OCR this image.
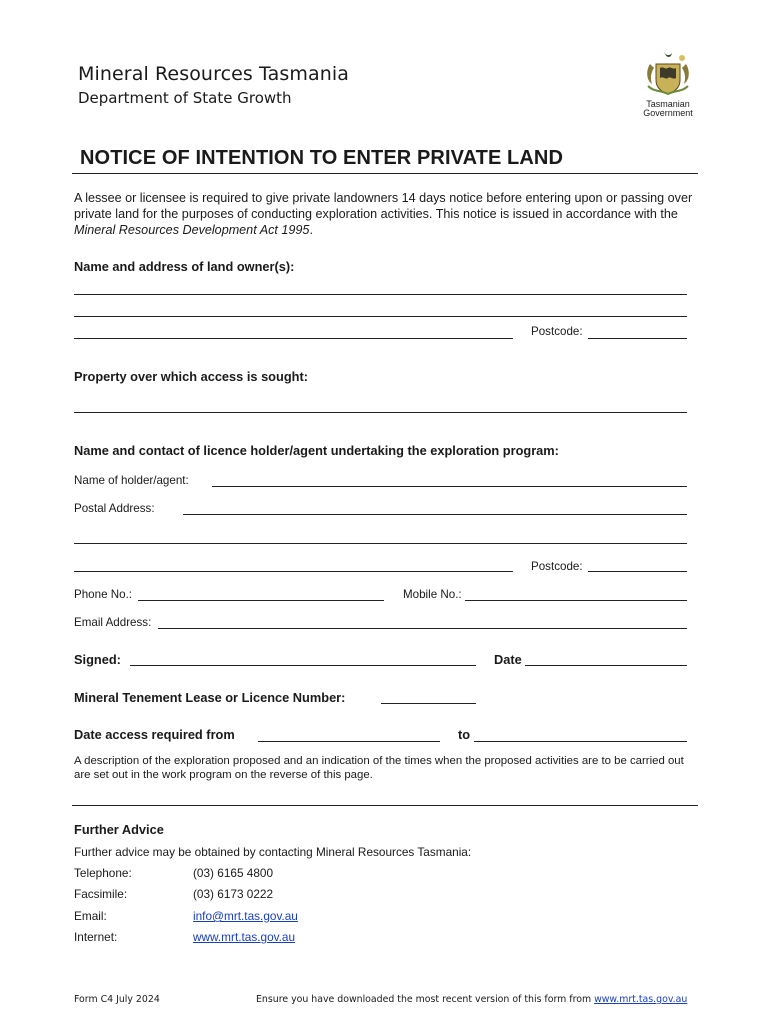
Mineral Resources Tasmania
Department of State Growth	Tasmanian
Government
NOTICE OF INTENTION TO ENTER PRIVATE LAND
A lessee or licensee is required to give private landowners 14 days notice before entering upon or passing over private land for the purposes of conducting exploration activities. This notice is issued in accordance with the Mineral Resources Development Act 1995.
Name and address of land owner(s):
Postcode:
Property over which access is sought:
Name and contact of licence holder/agent undertaking the exploration program:
Name of holder/agent:
Postal Address:
Postcode:
Phone No.:	Mobile No.:
Email Address:
Signed:	Date
Mineral Tenement Lease or Licence Number:
Date access required from	to
A description of the exploration proposed and an indication of the times when the proposed activities are to be carried out are set out in the work program on the reverse of this page.
Further Advice
Further advice may be obtained by contacting Mineral Resources Tasmania:
Telephone:	(03) 6165 4800
Facsimile:	(03) 6173 0222
Email:	info@mrt.tas.gov.au
Internet:	www.mrt.tas.gov.au
Form C4 July 2024	Ensure you have downloaded the most recent version of this form from www.mrt.tas.gov.au
